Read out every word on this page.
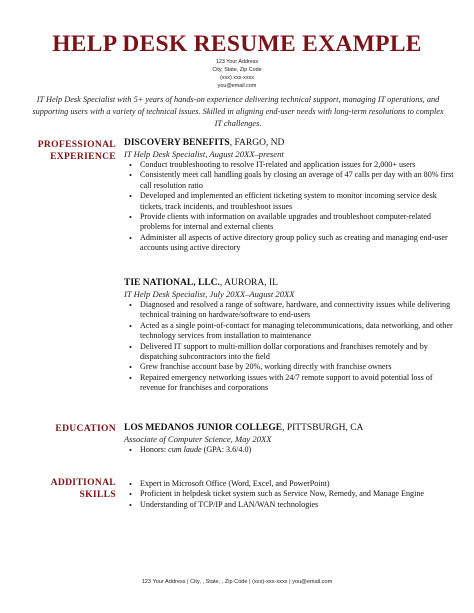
HELP DESK RESUME EXAMPLE
123 Your Address
City, State, Zip Code
(xxx) xxx-xxxx
you@email.com
IT Help Desk Specialist with 5+ years of hands-on experience delivering technical support, managing IT operations, and supporting users with a variety of technical issues. Skilled in aligning end-user needs with long-term resolutions to complex IT challenges.
PROFESSIONAL
EXPERIENCE
DISCOVERY BENEFITS, FARGO, ND
IT Help Desk Specialist, August 20XX–present
• Conduct troubleshooting to resolve IT-related and application issues for 2,000+ users
• Consistently meet call handling goals by closing an average of 47 calls per day with an 80% first call resolution ratio
• Developed and implemented an efficient ticketing system to monitor incoming service desk tickets, track incidents, and troubleshoot issues
• Provide clients with information on available upgrades and troubleshoot computer-related problems for internal and external clients
• Administer all aspects of active directory group policy such as creating and managing end-user accounts using active directory
TIE NATIONAL, LLC., AURORA, IL
IT Help Desk Specialist, July 20XX–August 20XX
• Diagnosed and resolved a range of software, hardware, and connectivity issues while delivering technical training on hardware/software to end-users
• Acted as a single point-of-contact for managing telecommunications, data networking, and other technology services from installation to maintenance
• Delivered IT support to multi-million dollar corporations and franchises remotely and by dispatching subcontractors into the field
• Grew franchise account base by 20%, working directly with franchise owners
• Repaired emergency networking issues with 24/7 remote support to avoid potential loss of revenue for franchises and corporations
EDUCATION LOS MEDANOS JUNIOR COLLEGE, PITTSBURGH, CA
Associate of Computer Science, May 20XX
• Honors: cum laude (GPA: 3.6/4.0)
ADDITIONAL
SKILLS
• Expert in Microsoft Office (Word, Excel, and PowerPoint)
• Proficient in helpdesk ticket system such as Service Now, Remedy, and Manage Engine
• Understanding of TCP/IP and LAN/WAN technologies
123 Your Address | City, , State, , Zip Code | (xxx)-xxx-xxxx | you@email.com
